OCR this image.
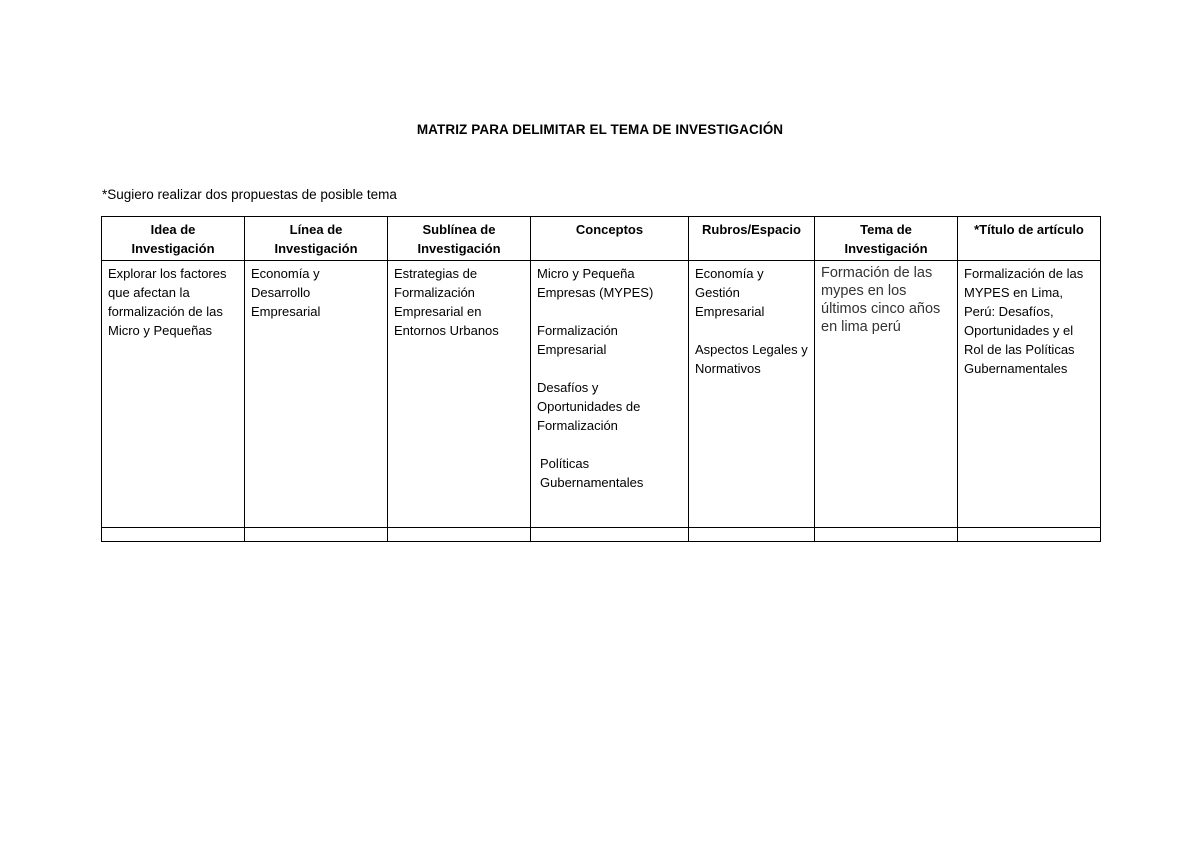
MATRIZ PARA DELIMITAR EL TEMA DE INVESTIGACIÓN
*Sugiero realizar dos propuestas de posible tema
Idea de Investigación	Línea de Investigación	Sublínea de Investigación	Conceptos	Rubros/Espacio	Tema de Investigación	*Título de artículo
Explorar los factores que afectan la formalización de las Micro y Pequeñas	Economía y Desarrollo Empresarial	Estrategias de Formalización Empresarial en Entornos Urbanos	Micro y Pequeña Empresas (MYPES)
Formalización Empresarial
Desafíos y Oportunidades de Formalización
Políticas Gubernamentales	Economía y Gestión Empresarial
Aspectos Legales y Normativos	Formación de las mypes en los últimos cinco años en lima perú	Formalización de las MYPES en Lima, Perú: Desafíos, Oportunidades y el Rol de las Políticas Gubernamentales
